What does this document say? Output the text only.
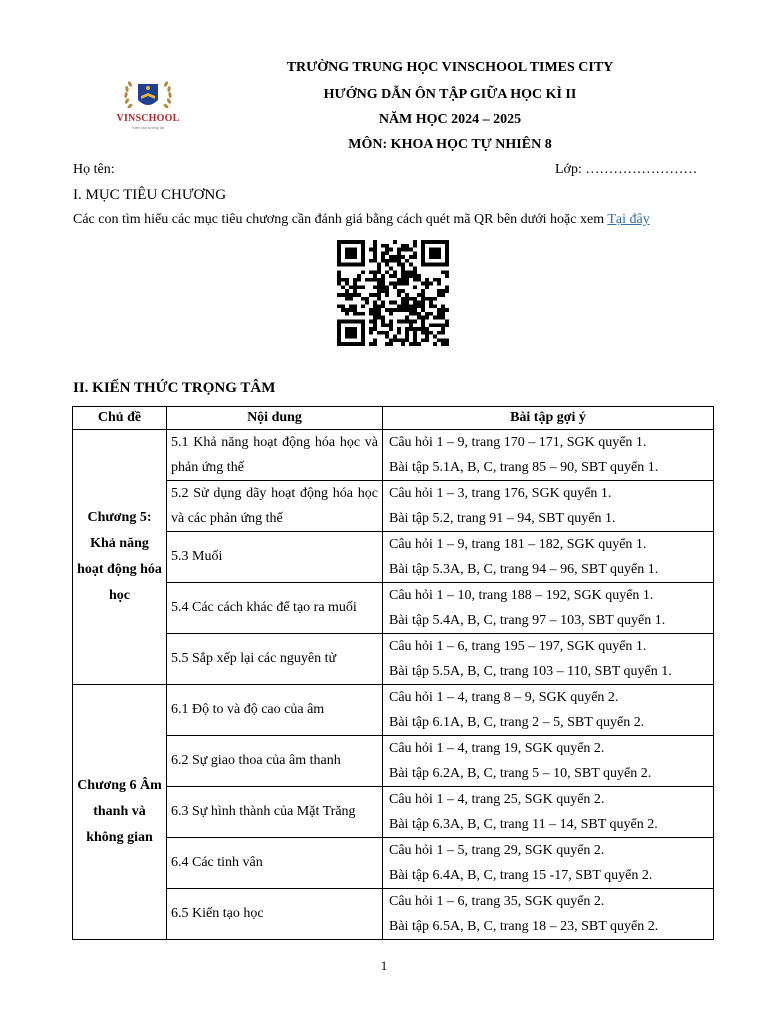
VINSCHOOL
Kiến tạo tương lai
TRƯỜNG TRUNG HỌC VINSCHOOL TIMES CITY
HƯỚNG DẪN ÔN TẬP GIỮA HỌC KÌ II
NĂM HỌC 2024 – 2025
MÔN: KHOA HỌC TỰ NHIÊN 8
Họ tên:	Lớp: ……………………
I. MỤC TIÊU CHƯƠNG
Các con tìm hiểu các mục tiêu chương cần đánh giá bằng cách quét mã QR bên dưới hoặc xem Tại đây
II. KIẾN THỨC TRỌNG TÂM
Chủ đề	Nội dung	Bài tập gợi ý
Chương 5: Khả năng hoạt động hóa học	5.1 Khả năng hoạt động hóa học và phản ứng thế	Câu hỏi 1 – 9, trang 170 – 171, SGK quyển 1.
Bài tập 5.1A, B, C, trang 85 – 90, SBT quyển 1.

	5.2 Sử dụng dãy hoạt động hóa học và các phản ứng thế	Câu hỏi 1 – 3, trang 176, SGK quyển 1.
Bài tập 5.2, trang 91 – 94, SBT quyển 1.

	5.3 Muối	Câu hỏi 1 – 9, trang 181 – 182, SGK quyển 1.
Bài tập 5.3A, B, C, trang 94 – 96, SBT quyển 1.

	5.4 Các cách khác để tạo ra muối	Câu hỏi 1 – 10, trang 188 – 192, SGK quyển 1.
Bài tập 5.4A, B, C, trang 97 – 103, SBT quyển 1.

	5.5 Sắp xếp lại các nguyên tử	Câu hỏi 1 – 6, trang 195 – 197, SGK quyển 1.
Bài tập 5.5A, B, C, trang 103 – 110, SBT quyển 1.

Chương 6 Âm thanh và không gian	6.1 Độ to và độ cao của âm	Câu hỏi 1 – 4, trang 8 – 9, SGK quyển 2.
Bài tập 6.1A, B, C, trang 2 – 5, SBT quyển 2.

	6.2 Sự giao thoa của âm thanh	Câu hỏi 1 – 4, trang 19, SGK quyển 2.
Bài tập 6.2A, B, C, trang 5 – 10, SBT quyển 2.

	6.3 Sự hình thành của Mặt Trăng	Câu hỏi 1 – 4, trang 25, SGK quyển 2.
Bài tập 6.3A, B, C, trang 11 – 14, SBT quyển 2.

	6.4 Các tinh vân	Câu hỏi 1 – 5, trang 29, SGK quyển 2.
Bài tập 6.4A, B, C, trang 15 -17, SBT quyển 2.

	6.5 Kiến tạo học	Câu hỏi 1 – 6, trang 35, SGK quyển 2.
Bài tập 6.5A, B, C, trang 18 – 23, SBT quyển 2.
1
